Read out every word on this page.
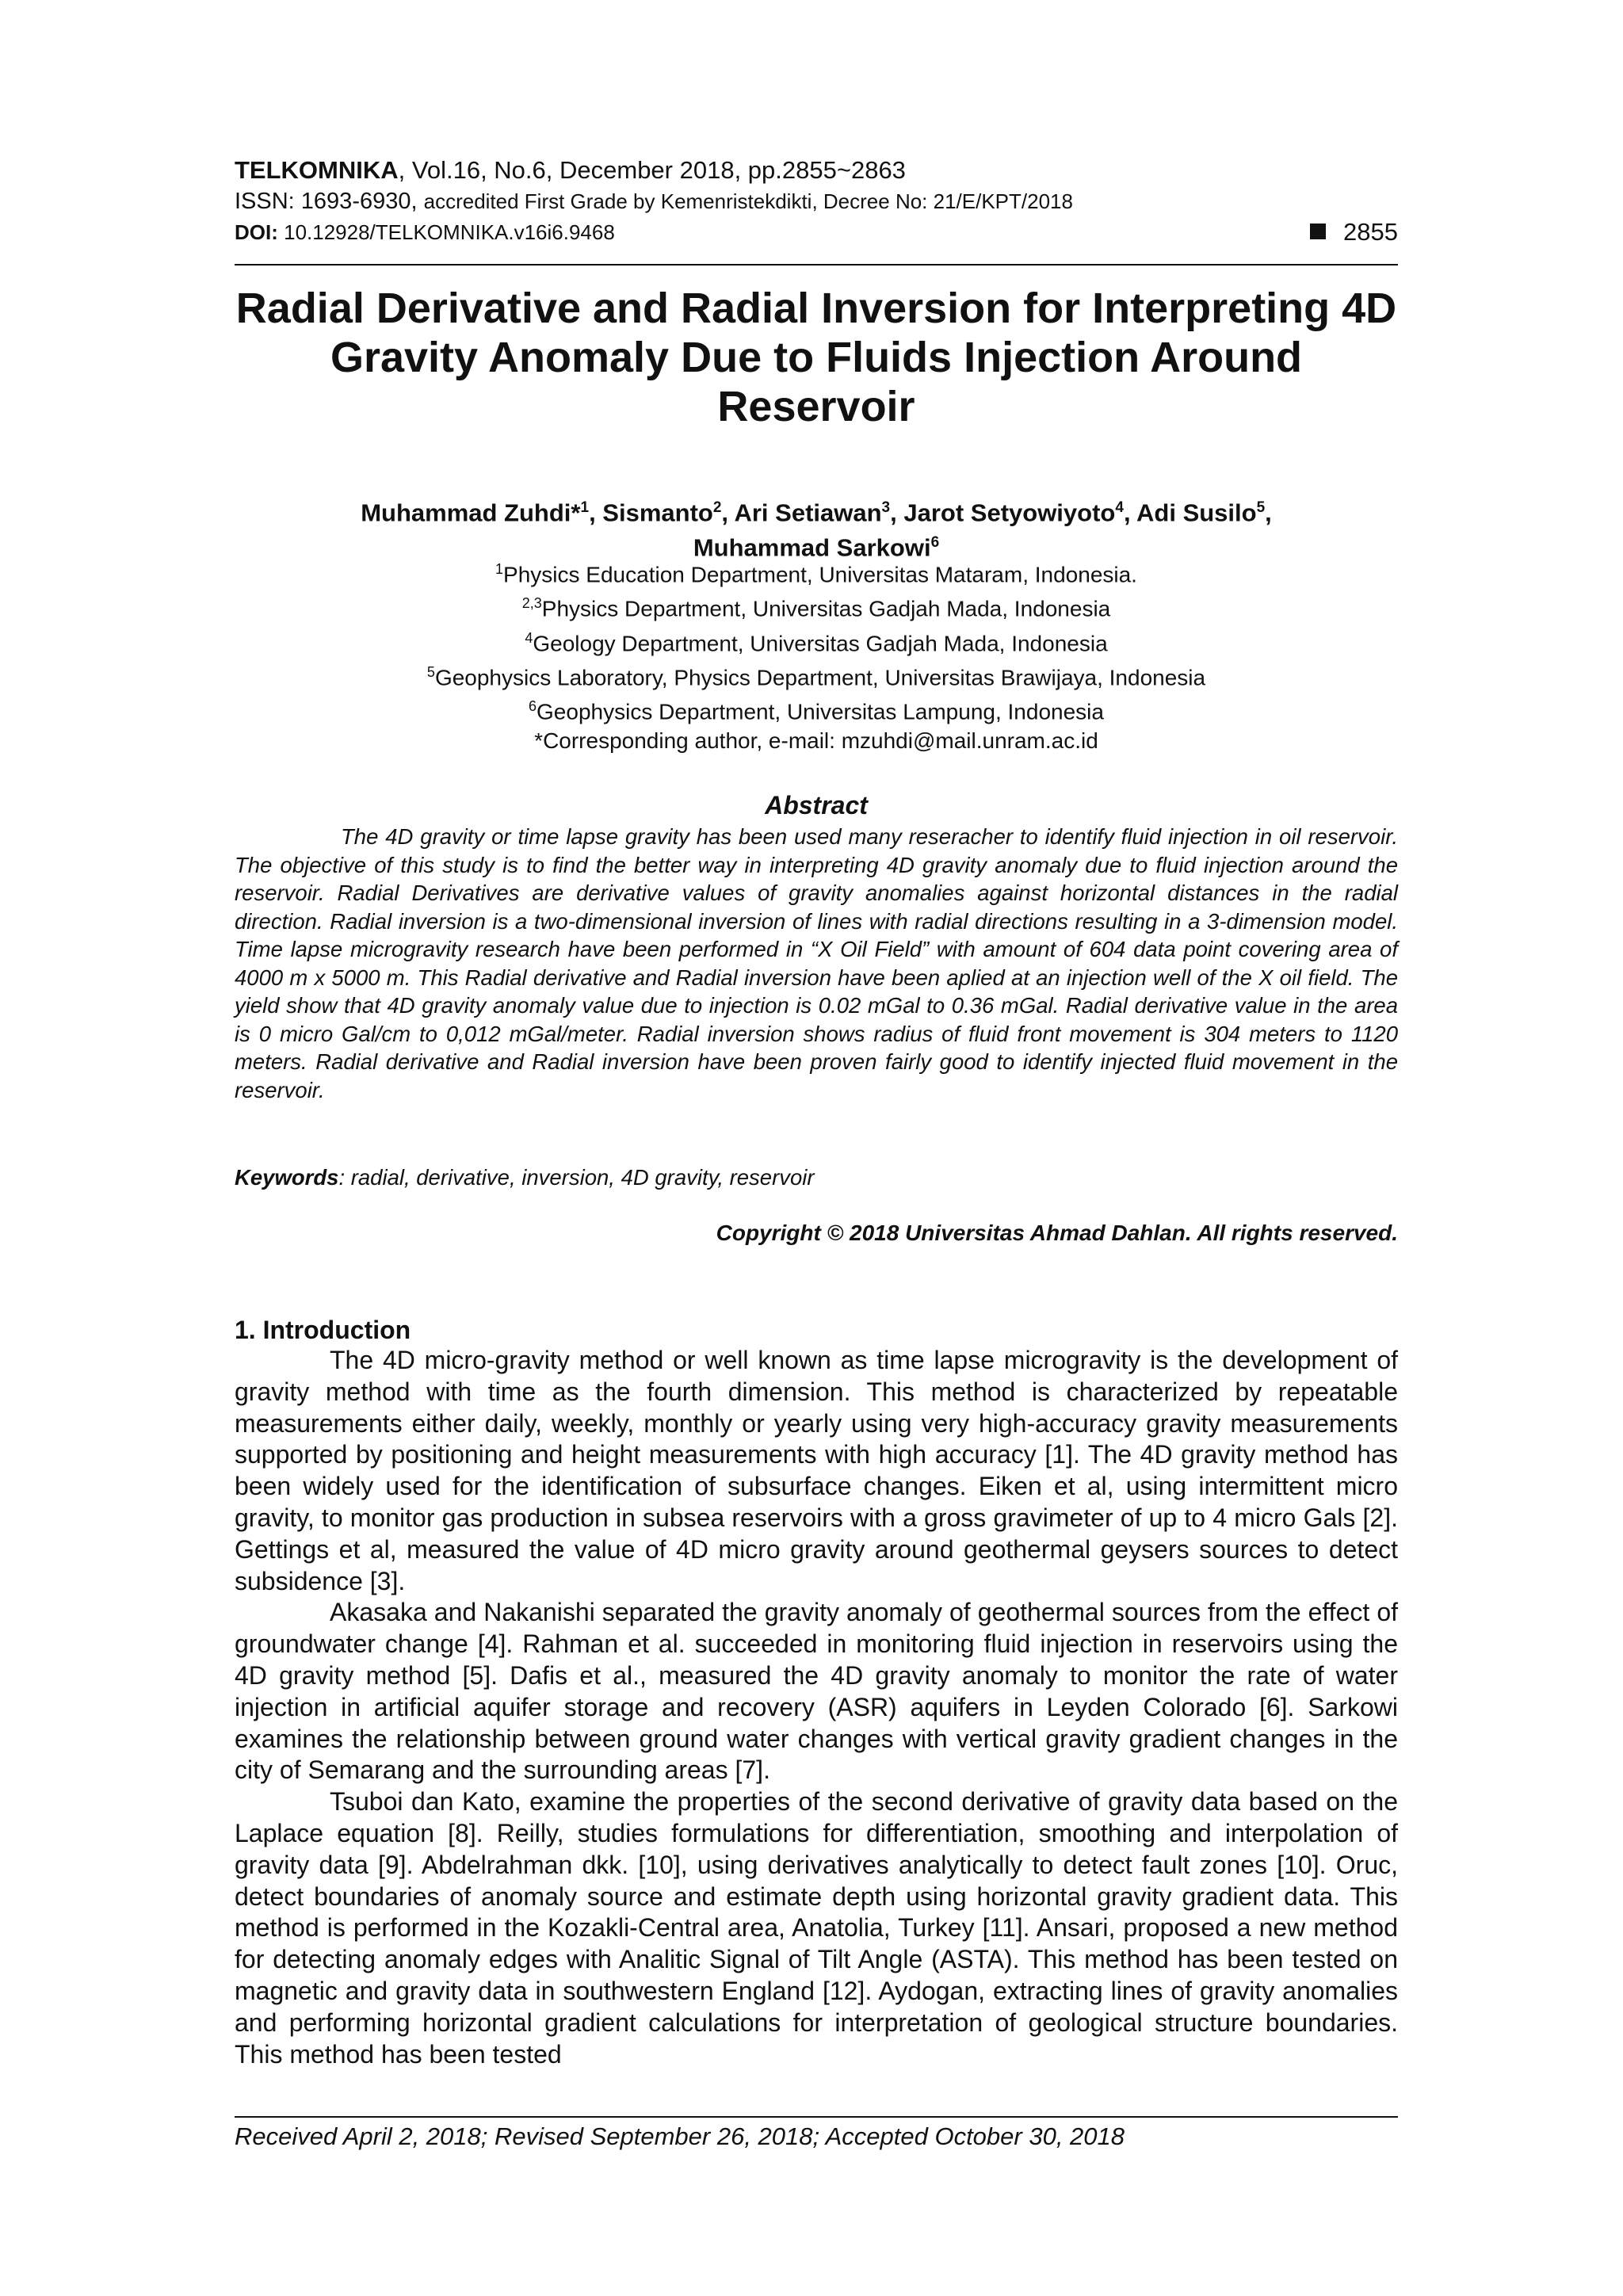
TELKOMNIKA, Vol.16, No.6, December 2018, pp.2855~2863
ISSN: 1693-6930, accredited First Grade by Kemenristekdikti, Decree No: 21/E/KPT/2018
DOI: 10.12928/TELKOMNIKA.v16i6.9468	2855
Radial Derivative and Radial Inversion for Interpreting 4D Gravity Anomaly Due to Fluids Injection Around Reservoir
Muhammad Zuhdi*$^1$, Sismanto$^2$, Ari Setiawan$^3$, Jarot Setyowiyoto$^4$, Adi Susilo$^5$,
Muhammad Sarkowi$^6$
$^1$Physics Education Department, Universitas Mataram, Indonesia.
$^{2,3}$Physics Department, Universitas Gadjah Mada, Indonesia
$^4$Geology Department, Universitas Gadjah Mada, Indonesia
$^5$Geophysics Laboratory, Physics Department, Universitas Brawijaya, Indonesia
$^6$Geophysics Department, Universitas Lampung, Indonesia
*Corresponding author, e-mail: mzuhdi@mail.unram.ac.id
Abstract
The 4D gravity or time lapse gravity has been used many reseracher to identify fluid injection in oil reservoir. The objective of this study is to find the better way in interpreting 4D gravity anomaly due to fluid injection around the reservoir. Radial Derivatives are derivative values of gravity anomalies against horizontal distances in the radial direction. Radial inversion is a two-dimensional inversion of lines with radial directions resulting in a 3-dimension model. Time lapse microgravity research have been performed in “X Oil Field” with amount of 604 data point covering area of 4000 m x 5000 m. This Radial derivative and Radial inversion have been aplied at an injection well of the X oil field. The yield show that 4D gravity anomaly value due to injection is 0.02 mGal to 0.36 mGal. Radial derivative value in the area is 0 micro Gal/cm to 0,012 mGal/meter. Radial inversion shows radius of fluid front movement is 304 meters to 1120 meters. Radial derivative and Radial inversion have been proven fairly good to identify injected fluid movement in the reservoir.
Keywords: radial, derivative, inversion, 4D gravity, reservoir
Copyright © 2018 Universitas Ahmad Dahlan. All rights reserved.
1. Introduction

The 4D micro-gravity method or well known as time lapse microgravity is the development of gravity method with time as the fourth dimension. This method is characterized by repeatable measurements either daily, weekly, monthly or yearly using very high-accuracy gravity measurements supported by positioning and height measurements with high accuracy [1]. The 4D gravity method has been widely used for the identification of subsurface changes. Eiken et al, using intermittent micro gravity, to monitor gas production in subsea reservoirs with a gross gravimeter of up to 4 micro Gals [2]. Gettings et al, measured the value of 4D micro gravity around geothermal geysers sources to detect subsidence [3].

Akasaka and Nakanishi separated the gravity anomaly of geothermal sources from the effect of groundwater change [4]. Rahman et al. succeeded in monitoring fluid injection in reservoirs using the 4D gravity method [5]. Dafis et al., measured the 4D gravity anomaly to monitor the rate of water injection in artificial aquifer storage and recovery (ASR) aquifers in Leyden Colorado [6]. Sarkowi examines the relationship between ground water changes with vertical gravity gradient changes in the city of Semarang and the surrounding areas [7].

Tsuboi dan Kato, examine the properties of the second derivative of gravity data based on the Laplace equation [8]. Reilly, studies formulations for differentiation, smoothing and interpolation of gravity data [9]. Abdelrahman dkk. [10], using derivatives analytically to detect fault zones [10]. Oruc, detect boundaries of anomaly source and estimate depth using horizontal gravity gradient data. This method is performed in the Kozakli-Central area, Anatolia, Turkey [11]. Ansari, proposed a new method for detecting anomaly edges with Analitic Signal of Tilt Angle (ASTA). This method has been tested on magnetic and gravity data in southwestern England [12]. Aydogan, extracting lines of gravity anomalies and performing horizontal gradient calculations for interpretation of geological structure boundaries. This method has been tested

Received April 2, 2018; Revised September 26, 2018; Accepted October 30, 2018
